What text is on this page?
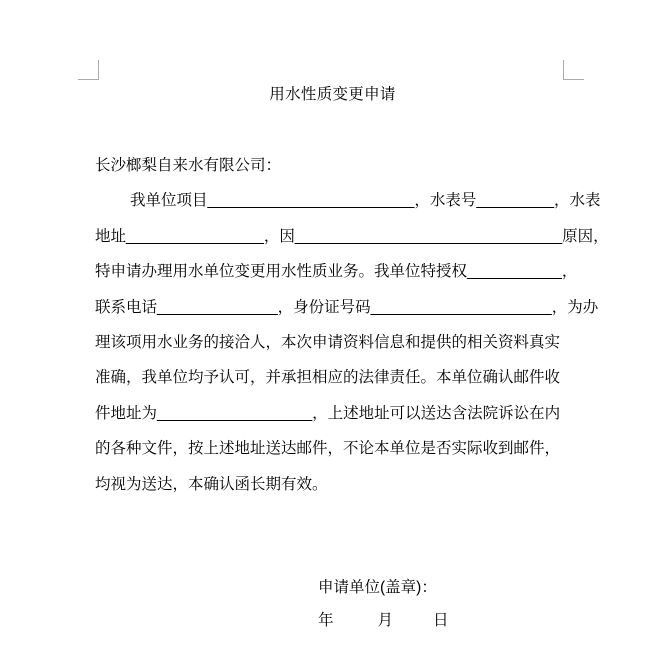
用水性质变更申请
长沙榔梨自来水有限公司：
我单位项目________________________，水表号_________，水表
地址________________，因_______________________________原因，
特申请办理用水单位变更用水性质业务。我单位特授权___________，
联系电话______________，身份证号码_____________________，为办
理该项用水业务的接洽人，本次申请资料信息和提供的相关资料真实
准确，我单位均予认可，并承担相应的法律责任。本单位确认邮件收
件地址为__________________，上述地址可以送达含法院诉讼在内
的各种文件，按上述地址送达邮件，不论本单位是否实际收到邮件，
均视为送达，本确认函长期有效。
申请单位(盖章)：
年	月	日
